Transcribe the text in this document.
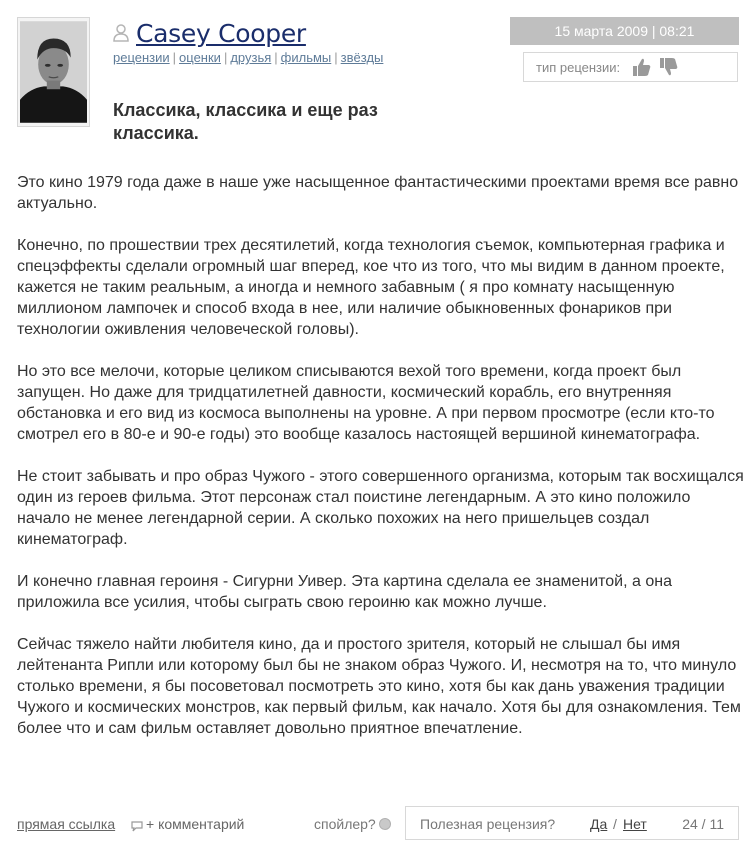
Casey Cooper
рецензии | оценки | друзья | фильмы | звёзды
15 марта 2009 | 08:21
тип рецензии:
Классика, классика и еще раз классика.

Это кино 1979 года даже в наше уже насыщенное фантастическими проектами время все равно актуально.

Конечно, по прошествии трех десятилетий, когда технология съемок, компьютерная графика и спецэффекты сделали огромный шаг вперед, кое что из того, что мы видим в данном проекте, кажется не таким реальным, а иногда и немного забавным ( я про комнату насыщенную миллионом лампочек и способ входа в нее, или наличие обыкновенных фонариков при технологии оживления человеческой головы).

Но это все мелочи, которые целиком списываются вехой того времени, когда проект был запущен. Но даже для тридцатилетней давности, космический корабль, его внутренняя обстановка и его вид из космоса выполнены на уровне. А при первом просмотре (если кто-то смотрел его в 80-е и 90-е годы) это вообще казалось настоящей вершиной кинематографа.

Не стоит забывать и про образ Чужого - этого совершенного организма, которым так восхищался один из героев фильма. Этот персонаж стал поистине легендарным. А это кино положило начало не менее легендарной серии. А сколько похожих на него пришельцев создал кинематограф.

И конечно главная героиня - Сигурни Уивер. Эта картина сделала ее знаменитой, а она приложила все усилия, чтобы сыграть свою героиню как можно лучше.

Сейчас тяжело найти любителя кино, да и простого зрителя, который не слышал бы имя лейтенанта Рипли или которому был бы не знаком образ Чужого. И, несмотря на то, что минуло столько времени, я бы посоветовал посмотреть это кино, хотя бы как дань уважения традиции Чужого и космических монстров, как первый фильм, как начало. Хотя бы для ознакомления. Тем более что и сам фильм оставляет довольно приятное впечатление.

прямая ссылка + комментарий	спойлер?	Полезная рецензия? Да / Нет	24 / 11
